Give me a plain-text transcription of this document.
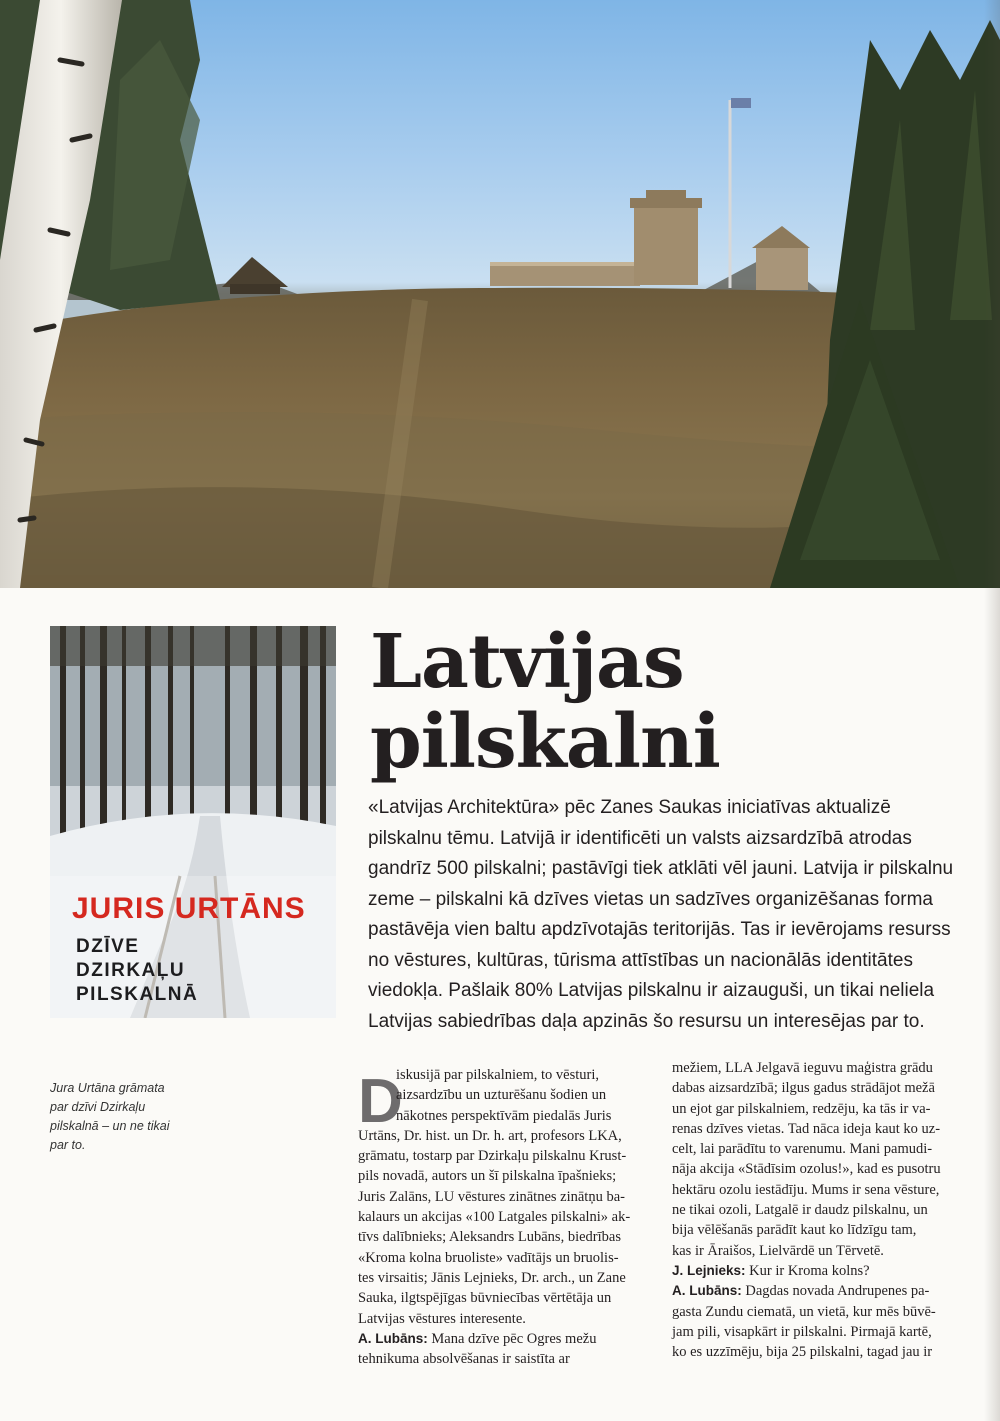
JURIS URTĀNS
DZĪVE
DZIRKAĻU
PILSKALNĀ
Jura Urtāna grāmata
par dzīvi Dzirkaļu
pilskalnā – un ne tikai
par to.
Latvijas
pilskalni
«Latvijas Architektūra» pēc Zanes Saukas iniciatīvas aktualizē
pilskalnu tēmu. Latvijā ir identificēti un valsts aizsardzībā atrodas
gandrīz 500 pilskalni; pastāvīgi tiek atklāti vēl jauni. Latvija ir pilskalnu
zeme – pilskalni kā dzīves vietas un sadzīves organizēšanas forma
pastāvēja vien baltu apdzīvotajās teritorijās. Tas ir ievērojams resurss
no vēstures, kultūras, tūrisma attīstības un nacionālās identitātes
viedokļa. Pašlaik 80% Latvijas pilskalnu ir aizauguši, un tikai neliela
Latvijas sabiedrības daļa apzinās šo resursu un interesējas par to.
D
iskusijā par pilskalniem, to vēsturi,
aizsardzību un uzturēšanu šodien un
nākotnes perspektīvām piedalās Juris
Urtāns, Dr. hist. un Dr. h. art, profesors LKA,
grāmatu, tostarp par Dzirkaļu pilskalnu Krust-
pils novadā, autors un šī pilskalna īpašnieks;
Juris Zalāns, LU vēstures zinātnes zinātņu ba-
kalaurs un akcijas «100 Latgales pilskalni» ak-
tīvs dalībnieks; Aleksandrs Lubāns, biedrības
«Kroma kolna bruoliste» vadītājs un bruolis-
tes virsaitis; Jānis Lejnieks, Dr. arch., un Zane
Sauka, ilgtspējīgas būvniecības vērtētāja un
Latvijas vēstures interesente.
A. Lubāns: Mana dzīve pēc Ogres mežu
tehnikuma absolvēšanas ir saistīta ar
mežiem, LLA Jelgavā ieguvu maģistra grādu
dabas aizsardzībā; ilgus gadus strādājot mežā
un ejot gar pilskalniem, redzēju, ka tās ir va-
renas dzīves vietas. Tad nāca ideja kaut ko uz-
celt, lai parādītu to varenumu. Mani pamudi-
nāja akcija «Stādīsim ozolus!», kad es pusotru
hektāru ozolu iestādīju. Mums ir sena vēsture,
ne tikai ozoli, Latgalē ir daudz pilskalnu, un
bija vēlēšanās parādīt kaut ko līdzīgu tam,
kas ir Āraišos, Lielvārdē un Tērvetē.
J. Lejnieks: Kur ir Kroma kolns?
A. Lubāns: Dagdas novada Andrupenes pa-
gasta Zundu ciematā, un vietā, kur mēs būvē-
jam pili, visapkārt ir pilskalni. Pirmajā kartē,
ko es uzzīmēju, bija 25 pilskalni, tagad jau ir
